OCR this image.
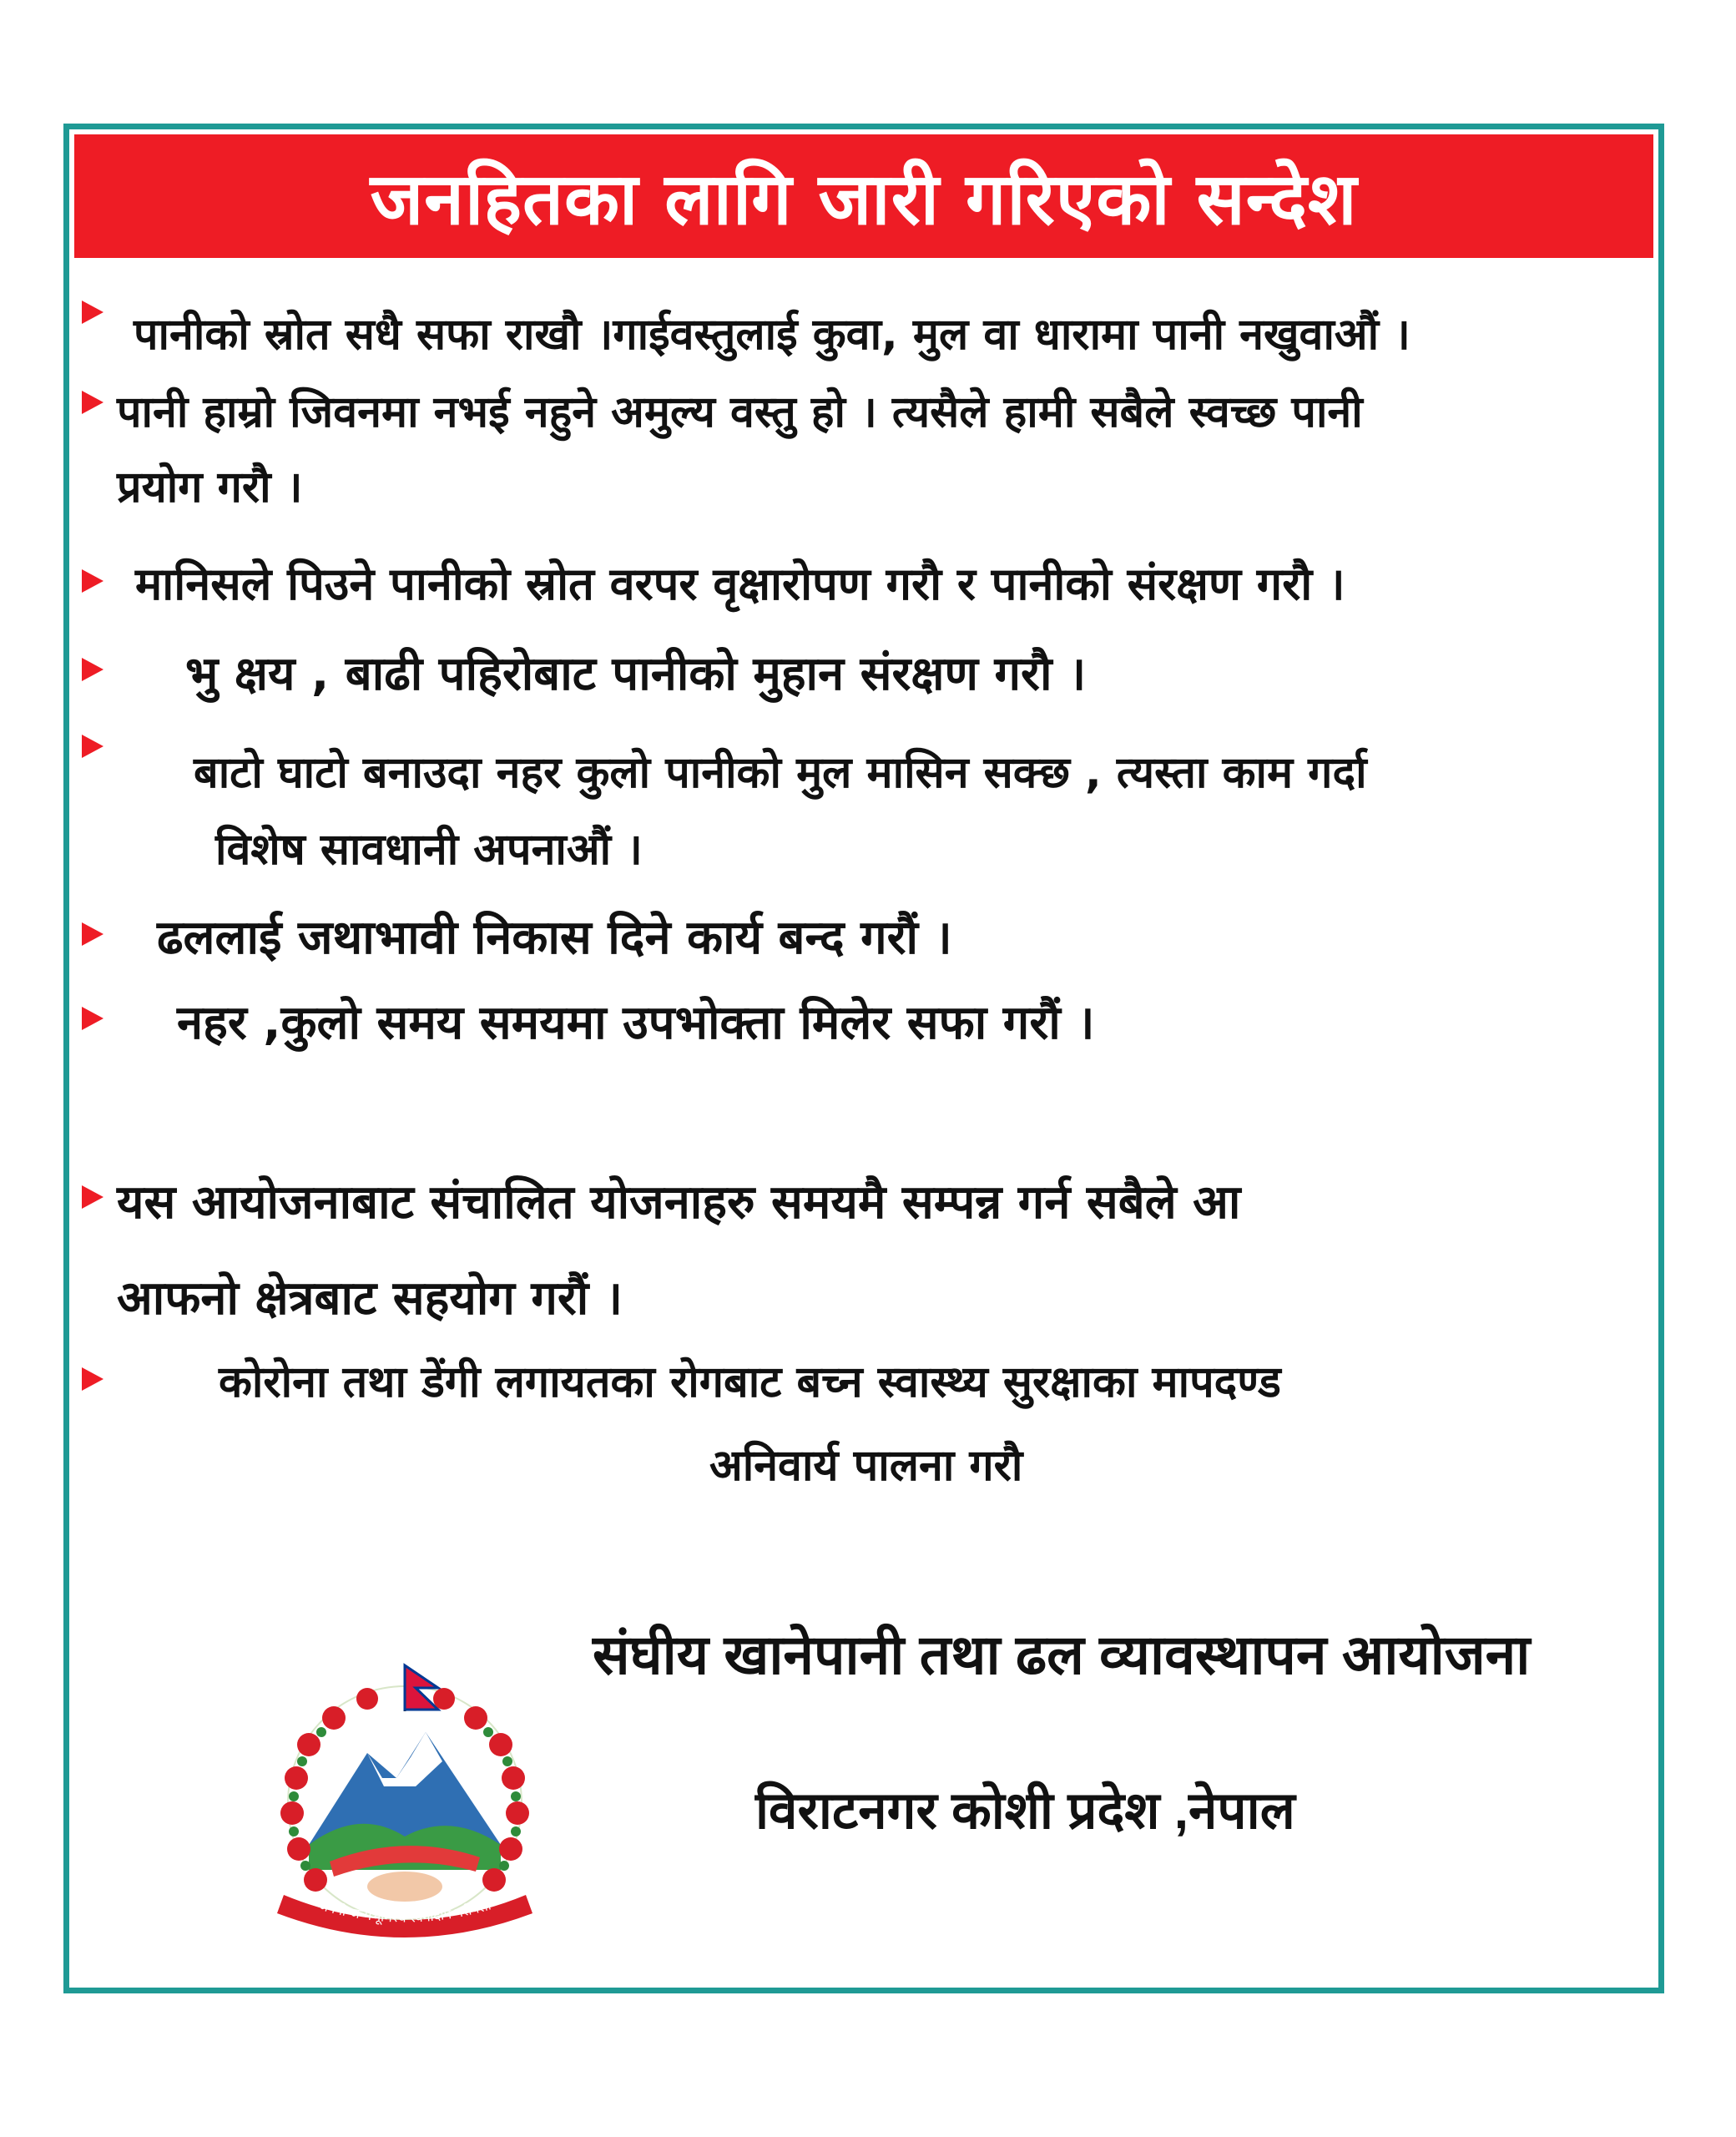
जनहितका लागि जारी गरिएको सन्देश
पानीको स्रोत सधै सफा राखौ ।गाईवस्तुलाई कुवा, मुल वा धारामा पानी नखुवाऔं ।
पानी हाम्रो जिवनमा नभई नहुने अमुल्य वस्तु हो । त्यसैले हामी सबैले स्वच्छ पानी
प्रयोग गरौ ।
मानिसले पिउने पानीको स्रोत वरपर वृक्षारोपण गरौ र पानीको संरक्षण गरौ ।
भु क्षय , बाढी पहिरोबाट पानीको मुहान संरक्षण गरौ ।
बाटो घाटो बनाउदा नहर कुलो पानीको मुल मासिन सक्छ , त्यस्ता काम गर्दा
विशेष सावधानी अपनाऔं ।
ढललाई जथाभावी निकास दिने कार्य बन्द गरौं ।
नहर ,कुलो समय समयमा उपभोक्ता मिलेर सफा गरौं ।
यस आयोजनाबाट संचालित योजनाहरु समयमै सम्पन्न गर्न सबैले आ
आफनो क्षेत्रबाट सहयोग गरौं ।
कोरोना तथा डेंगी लगायतका रोगबाट बच्न स्वास्थ्य सुरक्षाका मापदण्ड
अनिवार्य पालना गरौ
संघीय खानेपानी तथा ढल व्यावस्थापन आयोजना
विराटनगर कोशी प्रदेश ,नेपाल
जननी जन्मभूमिश्च स्वर्गादपि गरीयसी
